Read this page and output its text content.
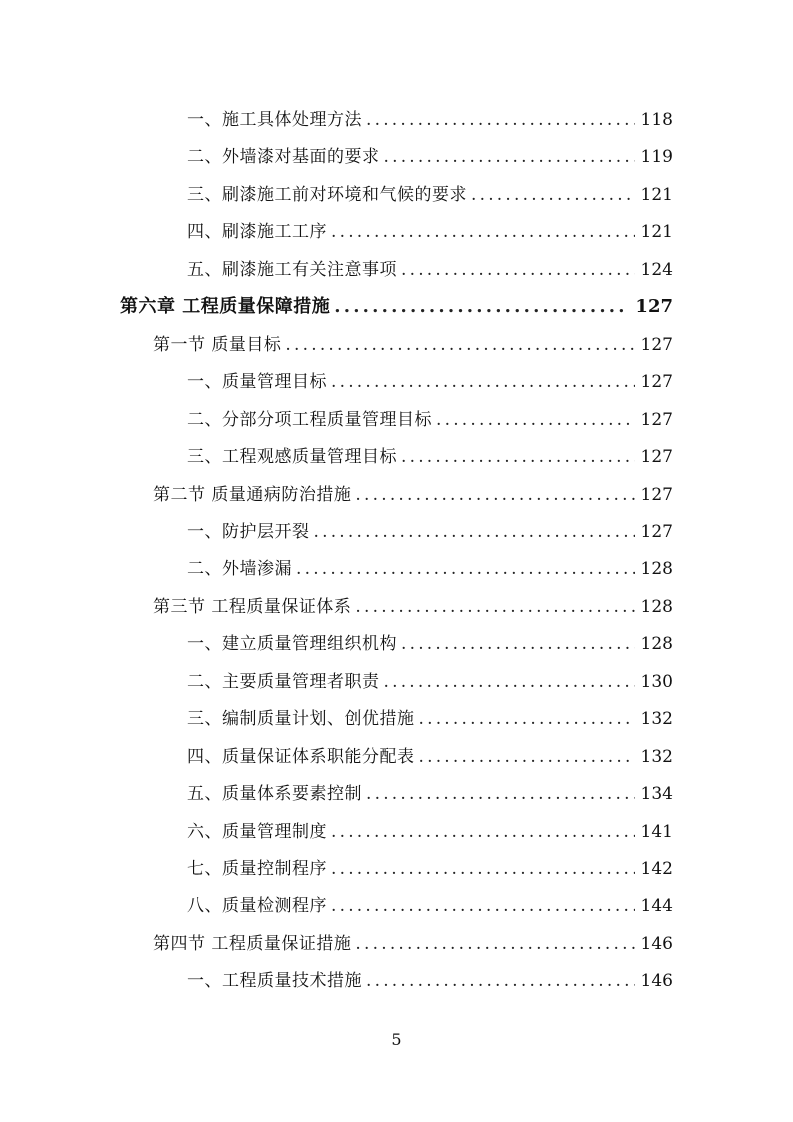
一、施工具体处理方法 .....	118
二、外墙漆对基面的要求 .....	119
三、刷漆施工前对环境和气候的要求 .....	121
四、刷漆施工工序 .....	121
五、刷漆施工有关注意事项 .....	124
第六章 工程质量保障措施 .....	127
第一节 质量目标 .....	127
一、质量管理目标 .....	127
二、分部分项工程质量管理目标 .....	127
三、工程观感质量管理目标 .....	127
第二节 质量通病防治措施 .....	127
一、防护层开裂 .....	127
二、外墙渗漏 .....	128
第三节 工程质量保证体系 .....	128
一、建立质量管理组织机构 .....	128
二、主要质量管理者职责 .....	130
三、编制质量计划、创优措施 .....	132
四、质量保证体系职能分配表 .....	132
五、质量体系要素控制 .....	134
六、质量管理制度 .....	141
七、质量控制程序 .....	142
八、质量检测程序 .....	144
第四节 工程质量保证措施 .....	146
一、工程质量技术措施 .....	146
5
